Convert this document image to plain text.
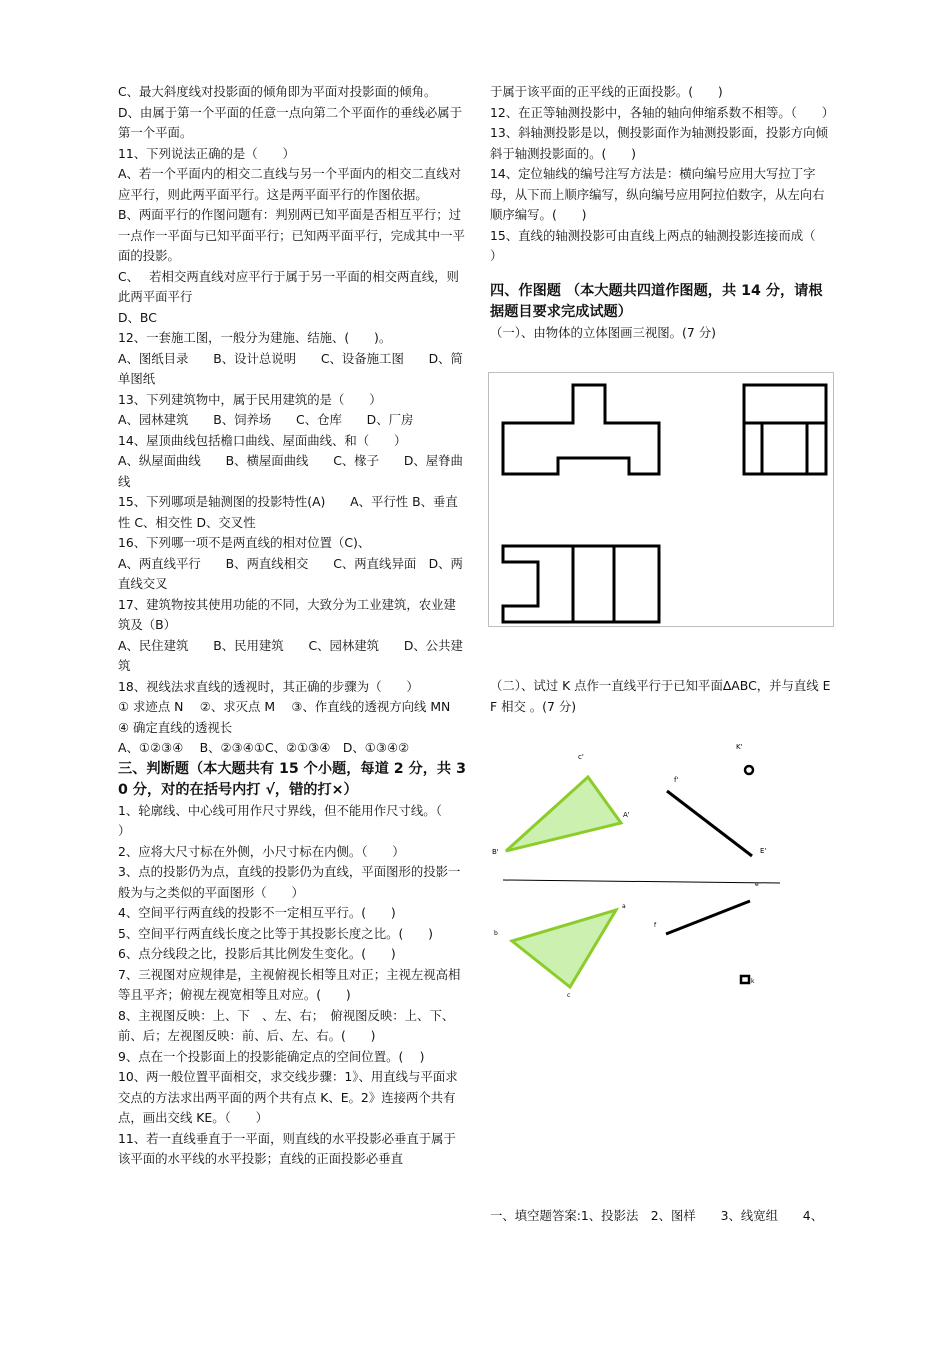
C、最大斜度线对投影面的倾角即为平面对投影面的倾角。
D、由属于第一个平面的任意一点向第二个平面作的垂线必属于第一个平面。
11、下列说法正确的是（　　）
A、若一个平面内的相交二直线与另一个平面内的相交二直线对应平行，则此两平面平行。这是两平面平行的作图依据。
B、两面平行的作图问题有：判别两已知平面是否相互平行；过一点作一平面与已知平面平行；已知两平面平行，完成其中一平面的投影。
C、　 若相交两直线对应平行于属于另一平面的相交两直线，则此两平面平行
D、BC
12、一套施工图，一般分为建施、结施、(　　)。
A、图纸目录　　B、设计总说明　　C、设备施工图　　D、简单图纸
13、下列建筑物中，属于民用建筑的是（　　）
A、园林建筑　　B、饲养场　　C、仓库　　D、厂房
14、屋顶曲线包括檐口曲线、屋面曲线、和（　　）
A、纵屋面曲线　　B、横屋面曲线　　C、椽子　　D、屋脊曲线
15、下列哪项是轴测图的投影特性(A)　　A、平行性 B、垂直性 C、相交性 D、交叉性
16、下列哪一项不是两直线的相对位置（C)、
A、两直线平行　　B、两直线相交　　C、两直线异面　D、两直线交叉
17、建筑物按其使用功能的不同，大致分为工业建筑，农业建筑及（B）
A、民住建筑　　B、民用建筑　　C、园林建筑　　D、公共建筑
18、视线法求直线的透视时，其正确的步骤为（　　）
① 求迹点 N　 ②、求灭点 M　 ③、作直线的透视方向线 MN　④ 确定直线的透视长
A、①②③④　 B、②③④①C、②①③④　D、①③④②
三、判断题（本大题共有 15 个小题，每道 2 分，共 30 分，对的在括号内打 √，错的打×）
1、轮廓线、中心线可用作尺寸界线，但不能用作尺寸线。（　　）
2、应将大尺寸标在外侧，小尺寸标在内侧。（　　）
3、点的投影仍为点，直线的投影仍为直线，平面图形的投影一般为与之类似的平面图形（　　）
4、空间平行两直线的投影不一定相互平行。(　　)
5、空间平行两直线长度之比等于其投影长度之比。(　　)
6、点分线段之比，投影后其比例发生变化。(　　)
7、三视图对应规律是，主视俯视长相等且对正；主视左视高相等且平齐；俯视左视宽相等且对应。(　　)
8、主视图反映：上、下　、左、右；　俯视图反映：上、下、前、后；左视图反映：前、后、左、右。(　　)
9、点在一个投影面上的投影能确定点的空间位置。(　 )
10、两一般位置平面相交，求交线步骤：1》、用直线与平面求交点的方法求出两平面的两个共有点 K、E。2》连接两个共有点，画出交线 KE。（　　）
11、若一直线垂直于一平面，则直线的水平投影必垂直于属于该平面的水平线的水平投影；直线的正面投影必垂直
于属于该平面的正平线的正面投影。(　　)
12、在正等轴测投影中，各轴的轴向伸缩系数不相等。（　　）
13、斜轴测投影是以，侧投影面作为轴测投影面，投影方向倾斜于轴测投影面的。(　　)
14、定位轴线的编号注写方法是：横向编号应用大写拉丁字母，从下而上顺序编写，纵向编号应用阿拉伯数字，从左向右顺序编写。(　　)
15、直线的轴测投影可由直线上两点的轴测投影连接而成（　　）
四、作图题 （本大题共四道作图题，共 14 分，请根据题目要求完成试题）
（一）、由物体的立体图画三视图。(7 分)
（二）、试过 K 点作一直线平行于已知平面ΔABC，并与直线 EF 相交 。(7 分)
c'
A'
B'
f'
K'
E'
a
b
c
f
e
k
一、填空题答案:1、投影法　2、图样　　3、线宽组　　4、
